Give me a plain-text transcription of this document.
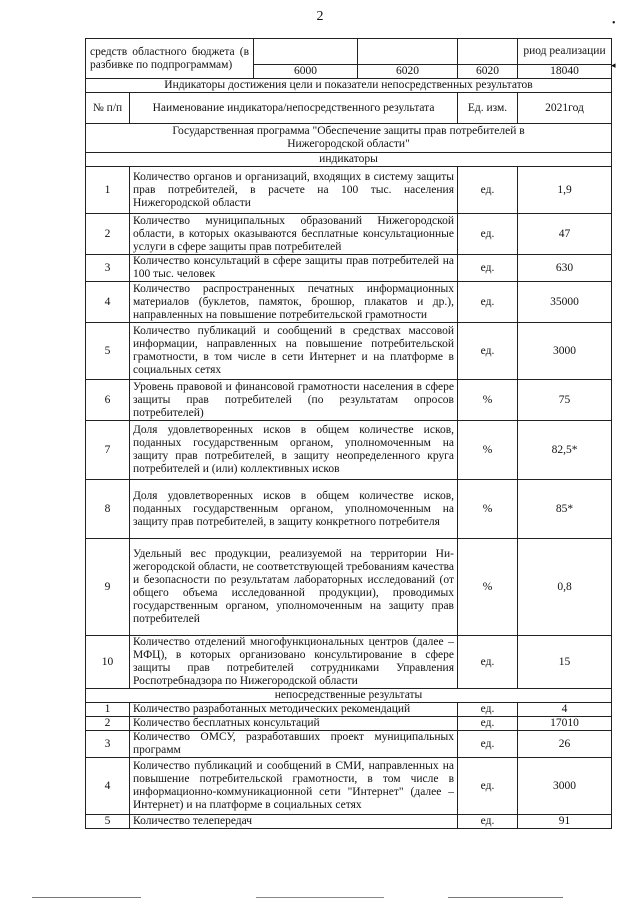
2	•
◂
средств областного бюджета (в разбивке по подпрограммам)					риод реализации
		6000	6020	6020	18040
Индикаторы достижения цели и показатели непосредственных результатов					
№ п/п	Наименование индикатора/непосредственного результата			Ед. изм.	2021год
Государственная программа "Обеспечение защиты прав потребителей в Нижегородской области"					
индикаторы					
1	Количество органов и организаций, входящих в систему защиты прав потребителей, в расчете на 100 тыс. населения Нижегородской области			ед.	1,9
2	Количество муниципальных образований Нижегородской области, в которых оказываются бесплатные консультационные услуги в сфере защиты прав потребителей			ед.	47
3	Количество консультаций в сфере защиты прав потребителей на 100 тыс. человек			ед.	630
4	Количество распространенных печатных информационных материалов (буклетов, памяток, брошюр, плакатов и др.), направленных на повышение потребительской грамотности			ед.	35000
5	Количество публикаций и сообщений в средствах массовой информации, направленных на повышение потребительской грамотности, в том числе в сети Интернет и на платформе в социальных сетях			ед.	3000
6	Уровень правовой и финансовой грамотности населения в сфере защиты прав потребителей (по результатам опросов потребителей)			%	75
7	Доля удовлетворенных исков в общем количестве исков, поданных государственным органом, уполномоченным на защиту прав потребителей, в защиту неопределенного круга потребителей и (или) коллективных исков			%	82,5*
8	Доля удовлетворенных исков в общем количестве исков, поданных государственным органом, уполномоченным на защиту прав потребителей, в защиту конкретного потребителя			%	85*
9	Удельный вес продукции, реализуемой на территории Нижегородской области, не соответствующей требованиям качества и безопасности по результатам лабораторных исследований (от общего объема исследованной продукции), проводимых государственным органом, уполномоченным на защиту прав потребителей			%	0,8
10	Количество отделений многофункциональных центров (далее – МФЦ), в которых организовано консультирование в сфере защиты прав потребителей сотрудниками Управления Роспотребнадзора по Нижегородской области			ед.	15
непосредственные результаты					
1	Количество разработанных методических рекомендаций			ед.	4
2	Количество бесплатных консультаций			ед.	17010
3	Количество ОМСУ, разработавших проект муниципальных программ			ед.	26
4	Количество публикаций и сообщений в СМИ, направленных на повышение потребительской грамотности, в том числе в информационно-коммуникационной сети "Интернет" (далее – Интернет) и на платформе в социальных сетях			ед.	3000
5	Количество телепередач			ед.	91
